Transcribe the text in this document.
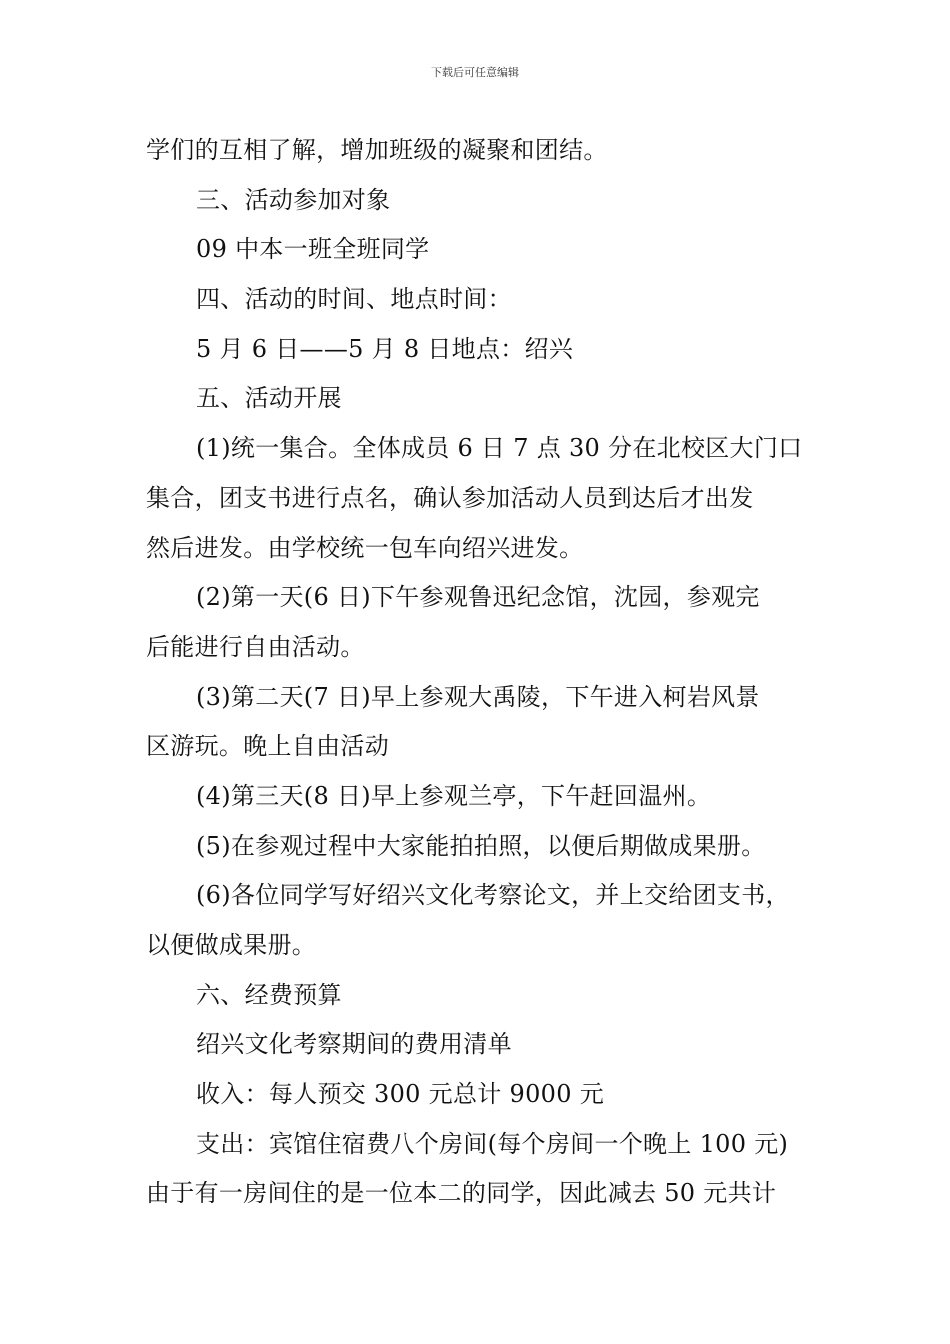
下载后可任意编辑
学们的互相了解，增加班级的凝聚和团结。
三、活动参加对象
09 中本一班全班同学
四、活动的时间、地点时间：
5 月 6 日——5 月 8 日地点：绍兴
五、活动开展
(1)统一集合。全体成员 6 日 7 点 30 分在北校区大门口
集合，团支书进行点名，确认参加活动人员到达后才出发
然后进发。由学校统一包车向绍兴进发。
(2)第一天(6 日)下午参观鲁迅纪念馆，沈园，参观完
后能进行自由活动。
(3)第二天(7 日)早上参观大禹陵，下午进入柯岩风景
区游玩。晚上自由活动
(4)第三天(8 日)早上参观兰亭，下午赶回温州。
(5)在参观过程中大家能拍拍照，以便后期做成果册。
(6)各位同学写好绍兴文化考察论文，并上交给团支书，
以便做成果册。
六、经费预算
绍兴文化考察期间的费用清单
收入：每人预交 300 元总计 9000 元
支出：宾馆住宿费八个房间(每个房间一个晚上 100 元)
由于有一房间住的是一位本二的同学，因此减去 50 元共计
